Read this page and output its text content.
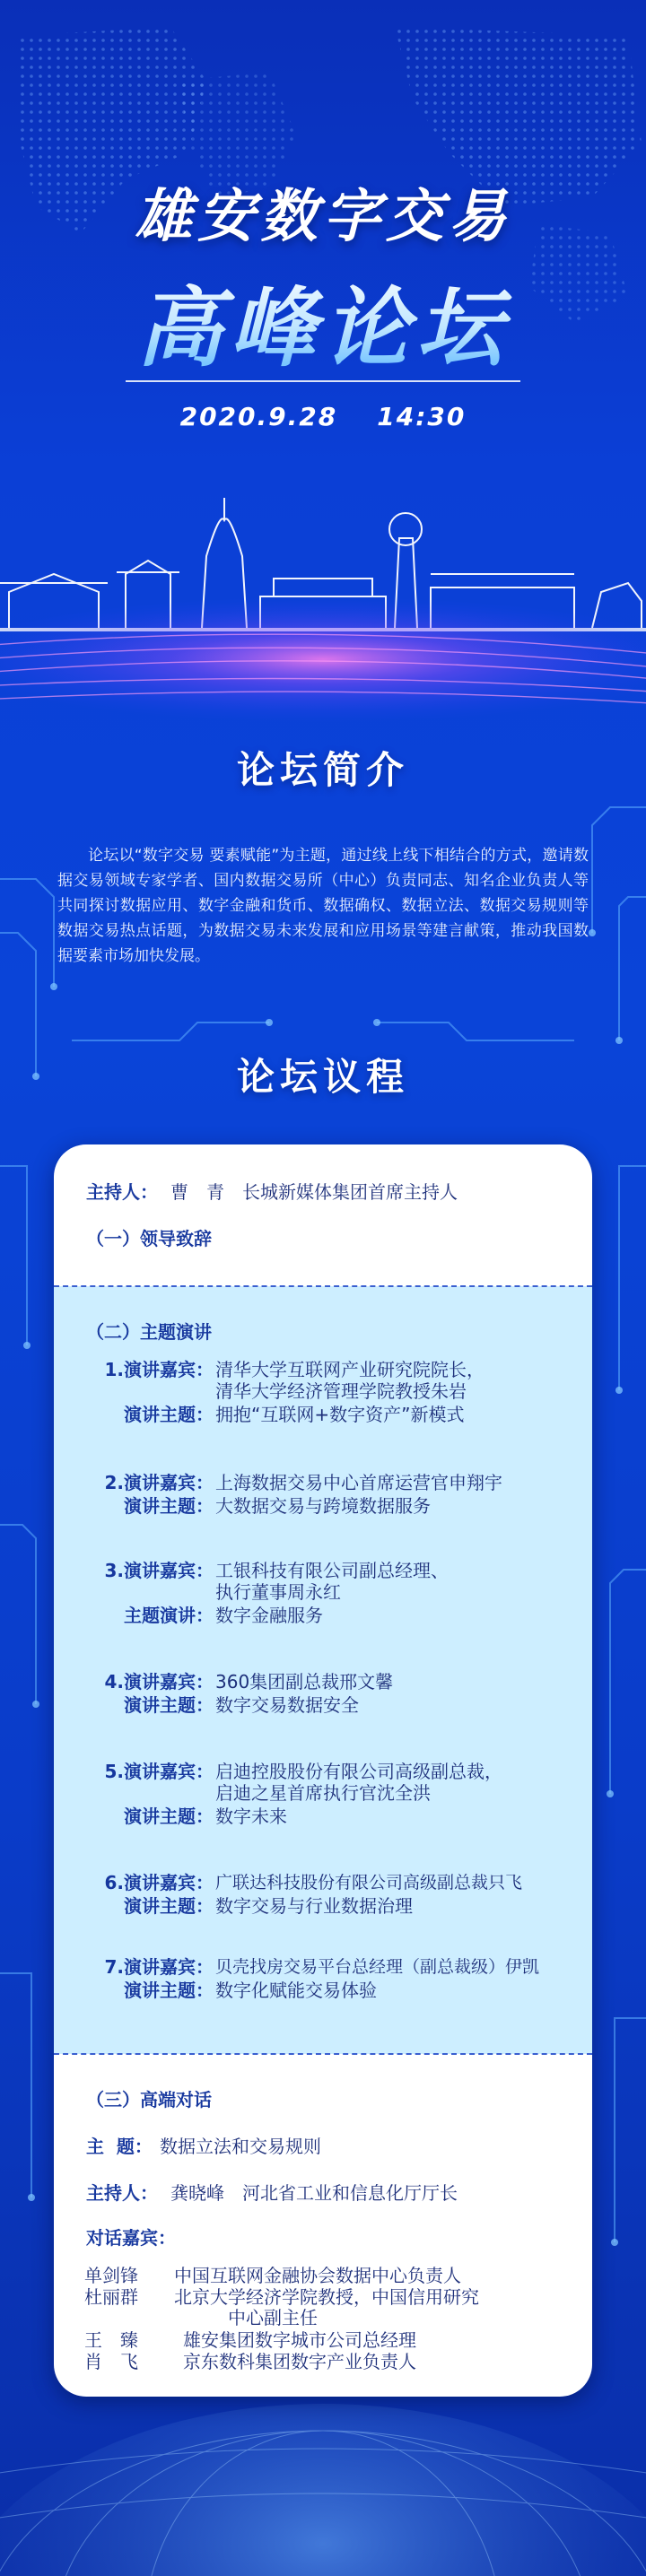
雄安数字交易
高峰论坛
2020.9.28 14:30
论坛简介
论坛以“数字交易 要素赋能”为主题，通过线上线下相结合的方式，邀请数据交易领域专家学者、国内数据交易所（中心）负责同志、知名企业负责人等共同探讨数据应用、数字金融和货币、数据确权、数据立法、数据交易规则等数据交易热点话题，为数据交易未来发展和应用场景等建言献策，推动我国数据要素市场加快发展。
论坛议程
主持人： 曹　青　长城新媒体集团首席主持人
（一）领导致辞
（二）主题演讲
1.演讲嘉宾： 清华大学互联网产业研究院院长，
清华大学经济管理学院教授朱岩
演讲主题： 拥抱“互联网+数字资产”新模式
2.演讲嘉宾： 上海数据交易中心首席运营官申翔宇
演讲主题： 大数据交易与跨境数据服务
3.演讲嘉宾： 工银科技有限公司副总经理、
执行董事周永红
主题演讲： 数字金融服务
4.演讲嘉宾： 360集团副总裁邢文馨
演讲主题： 数字交易数据安全
5.演讲嘉宾： 启迪控股股份有限公司高级副总裁，
启迪之星首席执行官沈全洪
演讲主题： 数字未来
6.演讲嘉宾： 广联达科技股份有限公司高级副总裁只飞
演讲主题： 数字交易与行业数据治理
7.演讲嘉宾： 贝壳找房交易平台总经理（副总裁级）伊凯
演讲主题： 数字化赋能交易体验
（三）高端对话
主  题： 数据立法和交易规则
主持人： 龚晓峰　河北省工业和信息化厅厅长
对话嘉宾：
单剑锋	中国互联网金融协会数据中心负责人
杜丽群	北京大学经济学院教授，中国信用研究
中心副主任
王　臻	雄安集团数字城市公司总经理
肖　飞	京东数科集团数字产业负责人
